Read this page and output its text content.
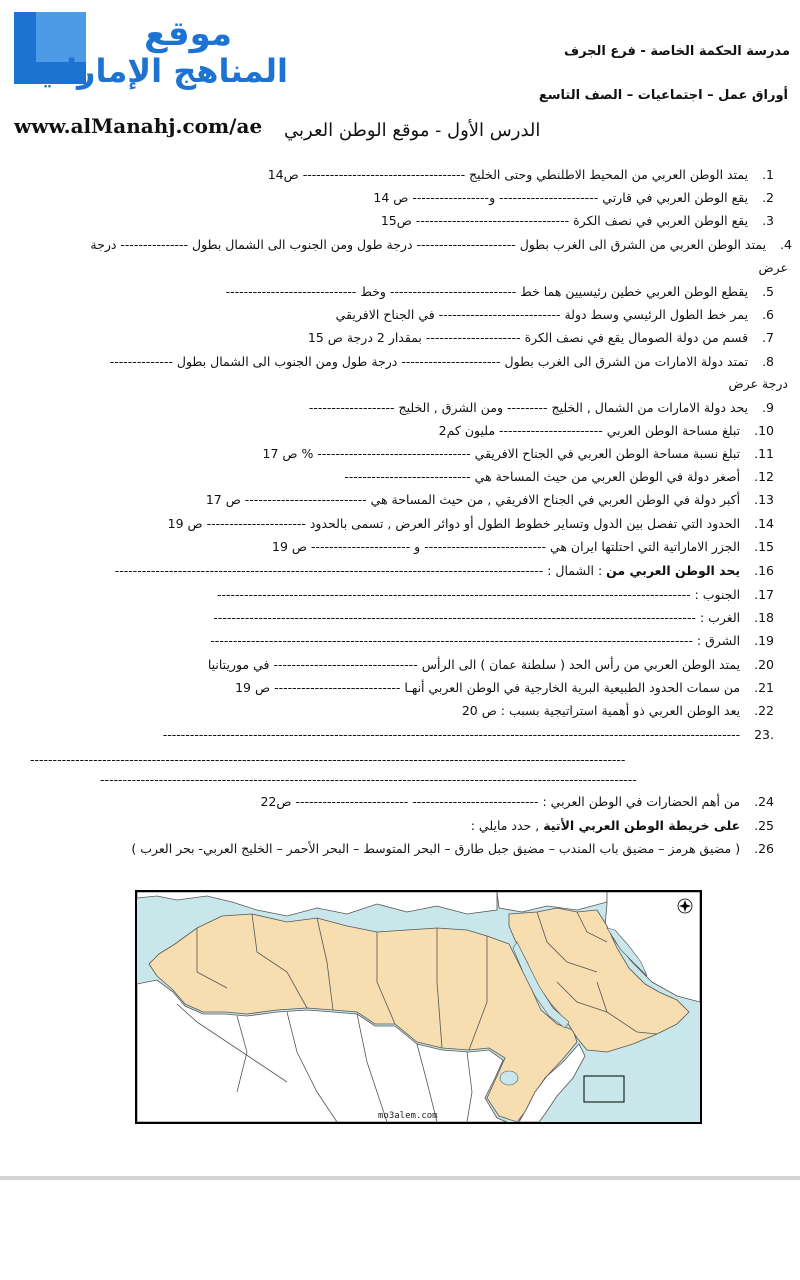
موقع
المناهج الإماراتية
مدرسة الحكمة الخاصة - فرع الجرف
أوراق عمل – اجتماعيات – الصف التاسع
www.alManahj.com/ae الدرس الأول - موقع الوطن العربي
1.يمتد الوطن العربي من المحيط الاطلنطي وحتى الخليج ------------------------------------ ص14
2.يقع الوطن العربي في قارتي ---------------------- و----------------- ص 14
3.يقع الوطن العربي في نصف الكرة ---------------------------------- ص15
4.يمتد الوطن العربي من الشرق الى الغرب بطول ---------------------- درجة طول ومن الجنوب الى الشمال بطول --------------- درجة
عرض
5.يقطع الوطن العربي خطين رئيسيين هما خط ---------------------------- وخط -----------------------------
6.يمر خط الطول الرئيسي وسط دولة --------------------------- في الجناح الافريقي
7.قسم من دولة الصومال يقع في نصف الكرة --------------------- بمقدار 2 درجة ص 15
8.تمتد دولة الامارات من الشرق الى الغرب بطول ---------------------- درجة طول ومن الجنوب الى الشمال بطول --------------
درجة عرض
9.يحد دولة الامارات من الشمال , الخليج --------- ومن الشرق , الخليج -------------------
10.تبلغ مساحة الوطن العربي ----------------------- مليون كم2
11.تبلغ نسبة مساحة الوطن العربي في الجناح الافريقي ---------------------------------- % ص 17
12.أصغر دولة في الوطن العربي من حيث المساحة هي ----------------------------
13.أكبر دولة في الوطن العربي في الجناح الافريقي , من حيث المساحة هي --------------------------- ص 17
14.الحدود التي تفصل بين الدول وتساير خطوط الطول أو دوائر العرض , تسمى بالحدود ---------------------- ص 19
15.الجزر الاماراتية التي احتلتها ايران هي --------------------------- و ---------------------- ص 19
16.يحد الوطن العربي من : الشمال : -----------------------------------------------------------------------------------------------
17.الجنوب : ---------------------------------------------------------------------------------------------------------
18.الغرب : -----------------------------------------------------------------------------------------------------------
19.الشرق : -----------------------------------------------------------------------------------------------------------
20.يمتد الوطن العربي من رأس الحد ( سلطنة عمان ) الى الرأس -------------------------------- في موريتانيا
21.من سمات الحدود الطبيعية البرية الخارجية في الوطن العربي أنهـا ---------------------------- ص 19
22.يعد الوطن العربي ذو أهمية استراتيجية بسبب : ص 20
.23--------------------------------------------------------------------------------------------------------------------------------
24.من أهم الحضارات في الوطن العربي : ---------------------------- ------------------------- ص22
25.على خريطة الوطن العربي الأتية , حدد مايلي :
26.( مضيق هرمز – مضيق باب المندب – مضيق جبل طارق – البحر المتوسط – البحر الأحمر – الخليج العربي- بحر العرب )
------------------------------------------------------------------------------------------------------------------------------------
-----------------------------------------------------------------------------------------------------------------------
mo3alem.com
